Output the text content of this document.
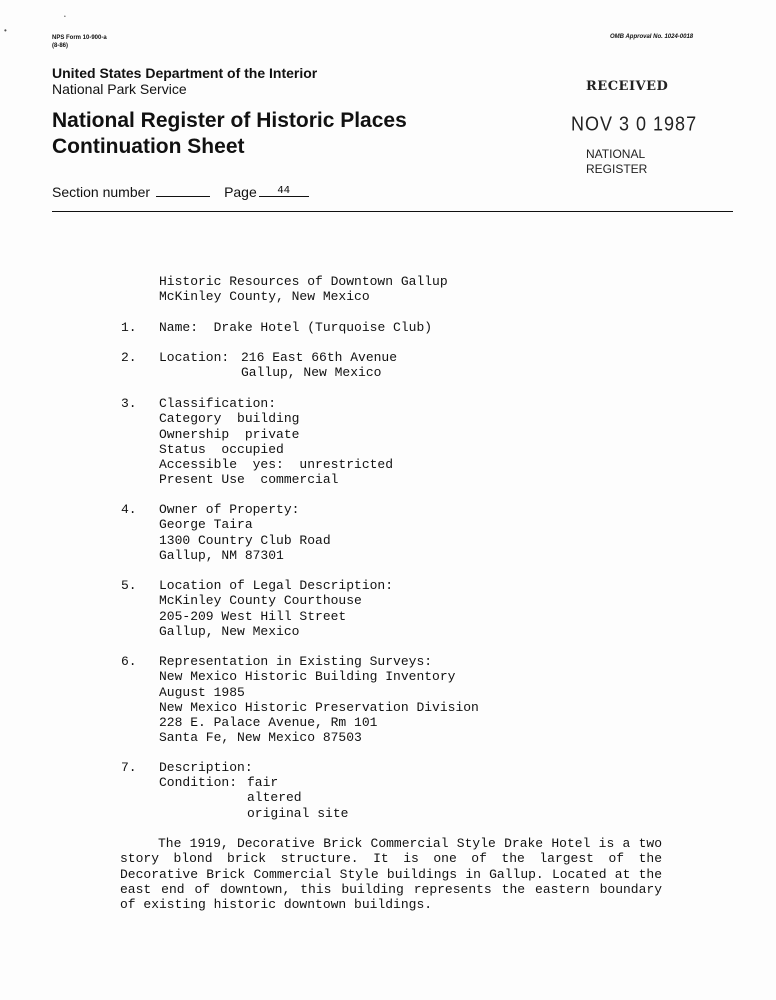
•
•
NPS Form 10-900-a
(8-86)
OMB Approval No. 1024-0018
United States Department of the Interior
National Park Service
National Register of Historic Places
Continuation Sheet
RECEIVED
NOV 3 0 1987
NATIONAL
REGISTER
Section number	Page $^{44}$
Historic Resources of Downtown Gallup
McKinley County, New Mexico
1. Name: Drake Hotel (Turquoise Club)
2. Location: 216 East 66th Avenue
Gallup, New Mexico
3. Classification:
Category  building
Ownership  private
Status  occupied
Accessible  yes:  unrestricted
Present Use  commercial
4. Owner of Property:
George Taira
1300 Country Club Road
Gallup, NM 87301
5. Location of Legal Description:
McKinley County Courthouse
205-209 West Hill Street
Gallup, New Mexico
6. Representation in Existing Surveys:
New Mexico Historic Building Inventory
August 1985
New Mexico Historic Preservation Division
228 E. Palace Avenue, Rm 101
Santa Fe, New Mexico 87503
7. Description:
Condition: fair
altered
original site
The 1919, Decorative Brick Commercial Style Drake Hotel is a two story blond brick structure. It is one of the largest of the Decorative Brick Commercial Style buildings in Gallup. Located at the east end of downtown, this building represents the eastern boundary of existing historic downtown buildings.
